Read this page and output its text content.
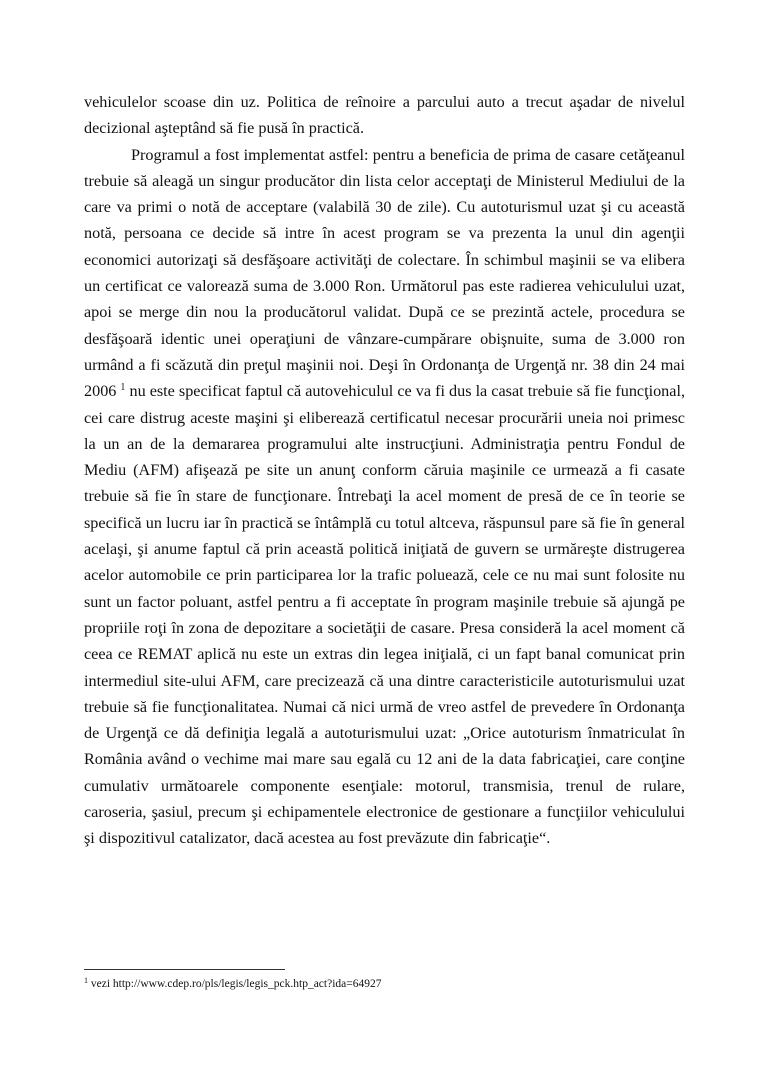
vehiculelor scoase din uz. Politica de reînoire a parcului auto a trecut aşadar de nivelul decizional aşteptând să fie pusă în practică.

Programul a fost implementat astfel: pentru a beneficia de prima de casare cetăţeanul trebuie să aleagă un singur producător din lista celor acceptaţi de Ministerul Mediului de la care va primi o notă de acceptare (valabilă 30 de zile). Cu autoturismul uzat şi cu această notă, persoana ce decide să intre în acest program se va prezenta la unul din agenţii economici autorizaţi să desfăşoare activităţi de colectare. În schimbul maşinii se va elibera un certificat ce valorează suma de 3.000 Ron. Următorul pas este radierea vehiculului uzat, apoi se merge din nou la producătorul validat. După ce se prezintă actele, procedura se desfăşoară identic unei operaţiuni de vânzare-cumpărare obişnuite, suma de 3.000 ron urmând a fi scăzută din preţul maşinii noi. Deşi în Ordonanţa de Urgenţă nr. 38 din 24 mai 2006 $^1$ nu este specificat faptul că autovehiculul ce va fi dus la casat trebuie să fie funcţional, cei care distrug aceste maşini şi eliberează certificatul necesar procurării uneia noi primesc la un an de la demararea programului alte instrucţiuni. Administraţia pentru Fondul de Mediu (AFM) afişează pe site un anunţ conform căruia maşinile ce urmează a fi casate trebuie să fie în stare de funcţionare. Întrebaţi la acel moment de presă de ce în teorie se specifică un lucru iar în practică se întâmplă cu totul altceva, răspunsul pare să fie în general acelaşi, şi anume faptul că prin această politică iniţiată de guvern se urmăreşte distrugerea acelor automobile ce prin participarea lor la trafic poluează, cele ce nu mai sunt folosite nu sunt un factor poluant, astfel pentru a fi acceptate în program maşinile trebuie să ajungă pe propriile roţi în zona de depozitare a societăţii de casare. Presa consideră la acel moment că ceea ce REMAT aplică nu este un extras din legea iniţială, ci un fapt banal comunicat prin intermediul site-ului AFM, care precizează că una dintre caracteristicile autoturismului uzat trebuie să fie funcţionalitatea. Numai că nici urmă de vreo astfel de prevedere în Ordonanţa de Urgenţă ce dă definiţia legală a autoturismului uzat: „Orice autoturism înmatriculat în România având o vechime mai mare sau egală cu 12 ani de la data fabricaţiei, care conţine cumulativ următoarele componente esenţiale: motorul, transmisia, trenul de rulare, caroseria, şasiul, precum şi echipamentele electronice de gestionare a funcţiilor vehiculului şi dispozitivul catalizator, dacă acestea au fost prevăzute din fabricaţie“.

$^1$ vezi http://www.cdep.ro/pls/legis/legis_pck.htp_act?ida=64927
